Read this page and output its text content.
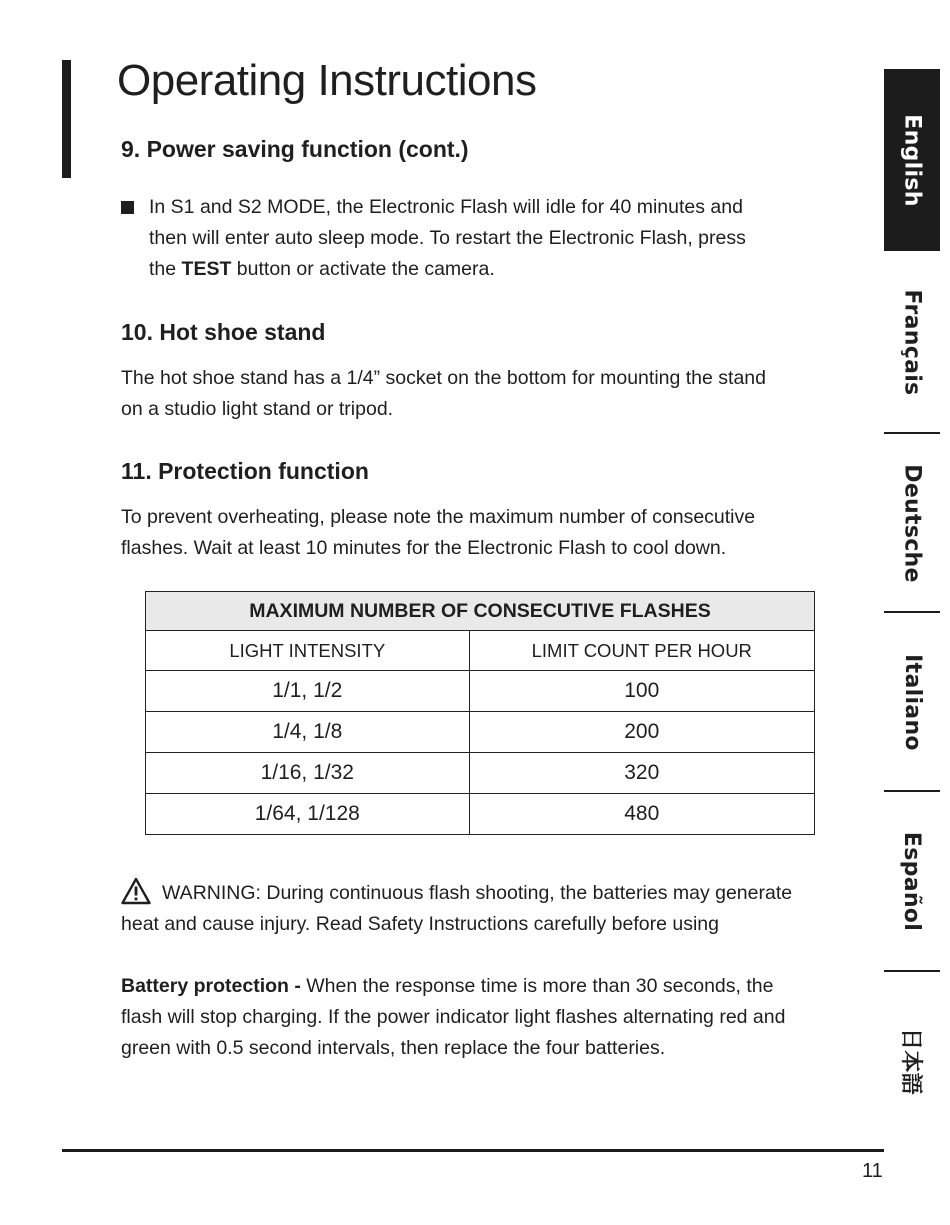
Operating Instructions
9. Power saving function (cont.)

In S1 and S2 MODE, the Electronic Flash will idle for 40 minutes and
then will enter auto sleep mode. To restart the Electronic Flash, press
the TEST button or activate the camera.

10. Hot shoe stand

The hot shoe stand has a 1/4” socket on the bottom for mounting the stand
on a studio light stand or tripod.

11. Protection function

To prevent overheating, please note the maximum number of consecutive
flashes. Wait at least 10 minutes for the Electronic Flash to cool down.

MAXIMUM NUMBER OF CONSECUTIVE FLASHES	
LIGHT INTENSITY	LIMIT COUNT PER HOUR
1/1, 1/2	100
1/4, 1/8	200
1/16, 1/32	320
1/64, 1/128	480

WARNING: During continuous flash shooting, the batteries may generate

heat and cause injury. Read Safety Instructions carefully before using

Battery protection - When the response time is more than 30 seconds, the
flash will stop charging. If the power indicator light flashes alternating red and
green with 0.5 second intervals, then replace the four batteries.

11
English
Français
Deutsche
Italiano
Español
日本語
